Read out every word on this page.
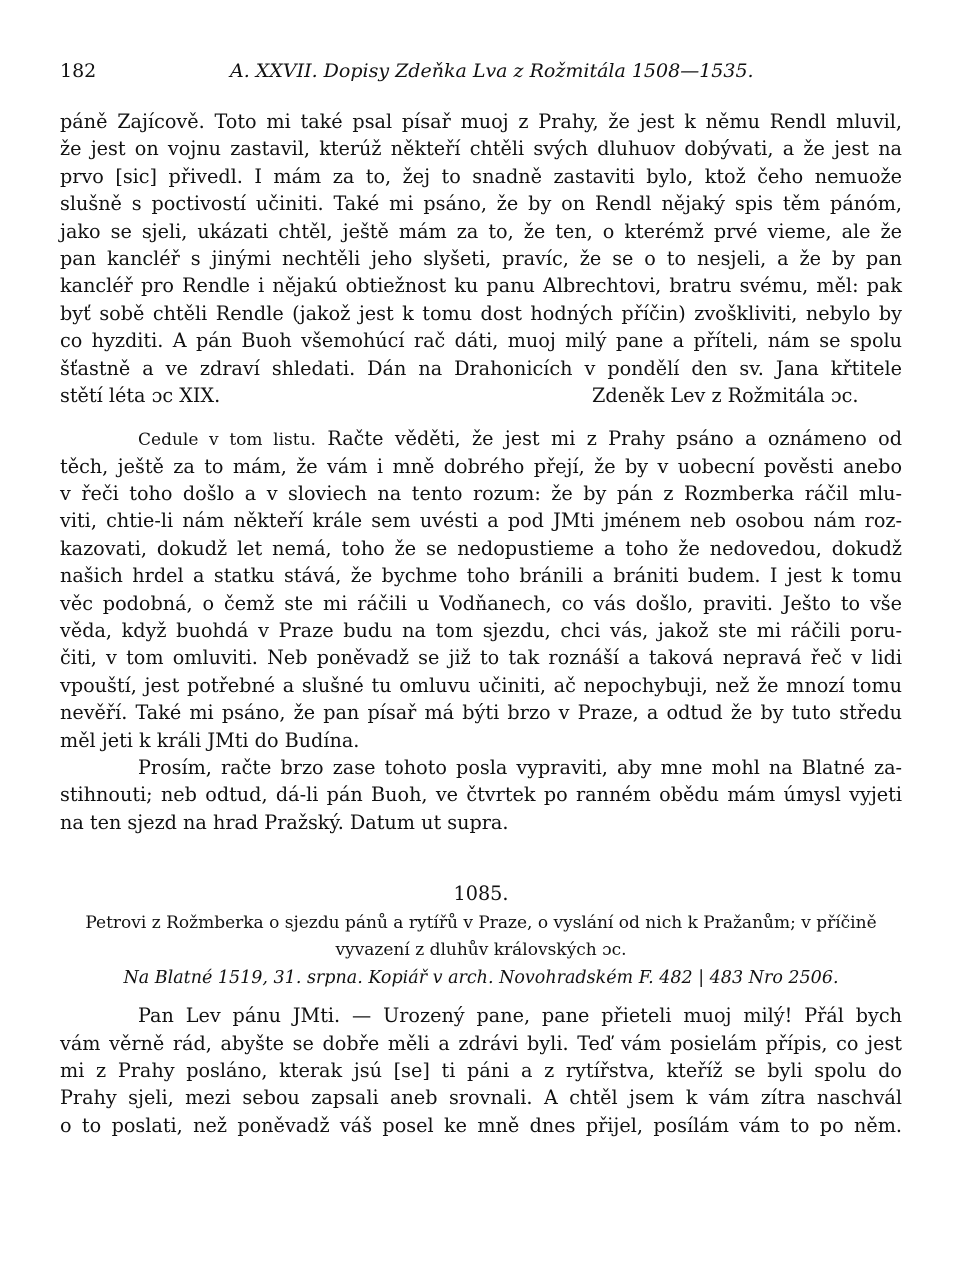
182	A. XXVII. Dopisy Zdeňka Lva z Rožmitála 1508—1535.
páně Zajícově. Toto mi také psal písař muoj z Prahy, že jest k němu Rendl mluvil,
že jest on vojnu zastavil, kterúž někteří chtěli svých dluhuov dobývati, a že jest na
prvo [sic] přivedl. I mám za to, žej to snadně zastaviti bylo, ktož čeho nemuože
slušně s poctivostí učiniti. Také mi psáno, že by on Rendl nějaký spis těm pánóm,
jako se sjeli, ukázati chtěl, ještě mám za to, že ten, o kterémž prvé vieme, ale že
pan kancléř s jinými nechtěli jeho slyšeti, pravíc, že se o to nesjeli, a že by pan
kancléř pro Rendle i nějakú obtiežnost ku panu Albrechtovi, bratru svému, měl: pak
byť sobě chtěli Rendle (jakož jest k tomu dost hodných příčin) zvoškliviti, nebylo by
co hyzditi. A pán Buoh všemohúcí rač dáti, muoj milý pane a příteli, nám se spolu
šťastně a ve zdraví shledati. Dán na Drahonicích v pondělí den sv. Jana křtitele
stětí léta ɔc XIX.	Zdeněk Lev z Rožmitála ɔc.
Cedule v tom listu. Račte věděti, že jest mi z Prahy psáno a oznámeno od
těch, ještě za to mám, že vám i mně dobrého přejí, že by v uobecní pověsti anebo
v řeči toho došlo a v sloviech na tento rozum: že by pán z Rozmberka ráčil mlu-
viti, chtie-li nám někteří krále sem uvésti a pod JMti jménem neb osobou nám roz-
kazovati, dokudž let nemá, toho že se nedopustieme a toho že nedovedou, dokudž
našich hrdel a statku stává, že bychme toho bránili a brániti budem. I jest k tomu
věc podobná, o čemž ste mi ráčili u Vodňanech, co vás došlo, praviti. Ješto to vše
věda, když buohdá v Praze budu na tom sjezdu, chci vás, jakož ste mi ráčili poru-
čiti, v tom omluviti. Neb poněvadž se již to tak roznáší a taková nepravá řeč v lidi
vpouští, jest potřebné a slušné tu omluvu učiniti, ač nepochybuji, než že mnozí tomu
nevěří. Také mi psáno, že pan písař má býti brzo v Praze, a odtud že by tuto středu
měl jeti k králi JMti do Budína.
Prosím, račte brzo zase tohoto posla vypraviti, aby mne mohl na Blatné za-
stihnouti; neb odtud, dá-li pán Buoh, ve čtvrtek po ranném obědu mám úmysl vyjeti
na ten sjezd na hrad Pražský. Datum ut supra.
1085.
Petrovi z Rožmberka o sjezdu pánů a rytířů v Praze, o vyslání od nich k Pražanům; v příčině
vyvazení z dluhův královských ɔc.
Na Blatné 1519, 31. srpna. Kopiář v arch. Novohradském F. 482 | 483 Nro 2506.
Pan Lev pánu JMti. — Urozený pane, pane přieteli muoj milý! Přál bych
vám věrně rád, abyšte se dobře měli a zdrávi byli. Teď vám posielám přípis, co jest
mi z Prahy posláno, kterak jsú [se] ti páni a z rytířstva, kteříž se byli spolu do
Prahy sjeli, mezi sebou zapsali aneb srovnali. A chtěl jsem k vám zítra naschvál
o to poslati, než poněvadž váš posel ke mně dnes přijel, posílám vám to po něm.
